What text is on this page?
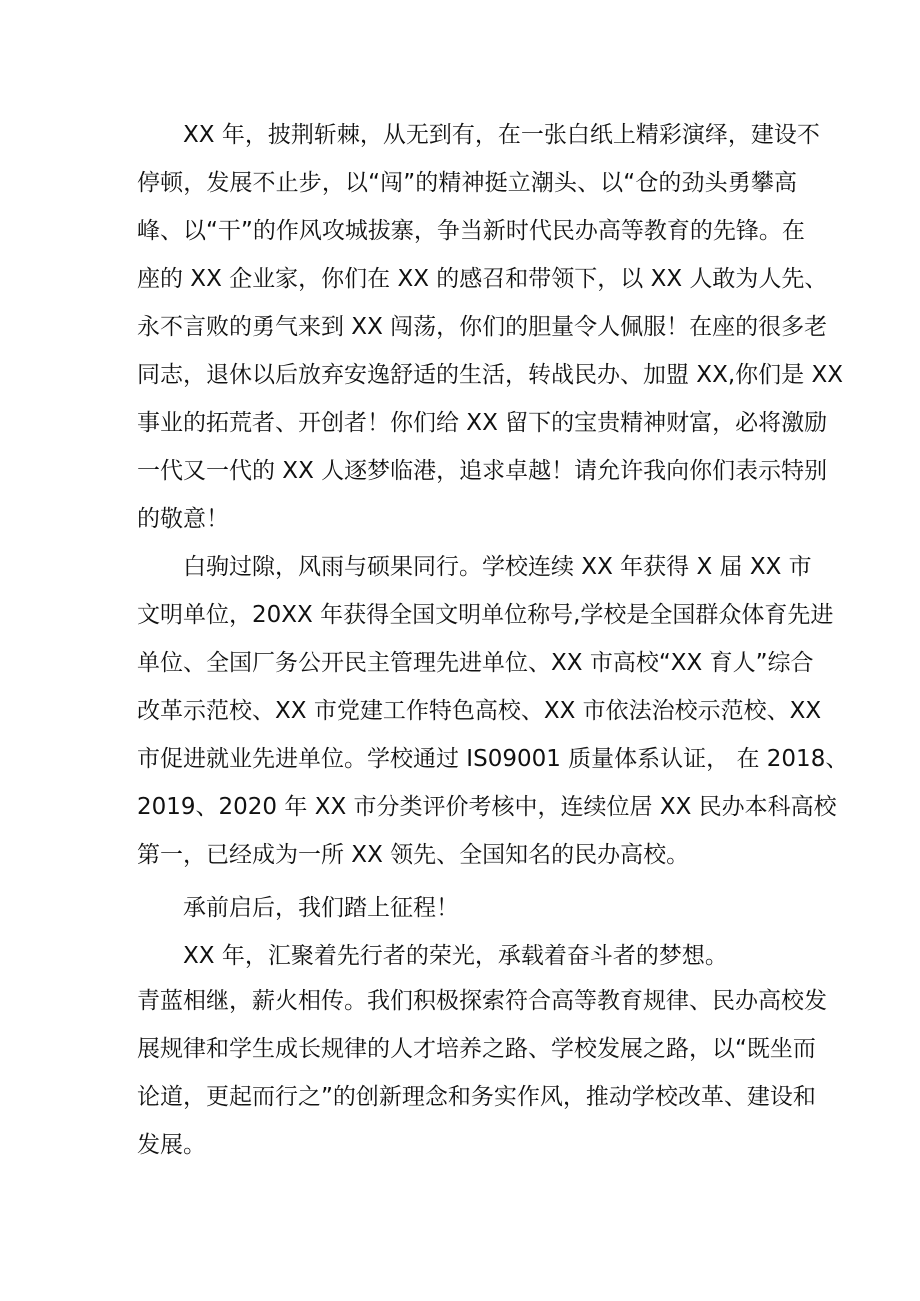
XX 年，披荆斩棘，从无到有，在一张白纸上精彩演绎，建设不
停顿，发展不止步，以“闯”的精神挺立潮头、以“仓的劲头勇攀高
峰、以“干”的作风攻城拔寨，争当新时代民办高等教育的先锋。在
座的 XX 企业家，你们在 XX 的感召和带领下，以 XX 人敢为人先、
永不言败的勇气来到 XX 闯荡，你们的胆量令人佩服！在座的很多老
同志，退休以后放弃安逸舒适的生活，转战民办、加盟 XX,你们是 XX
事业的拓荒者、开创者！你们给 XX 留下的宝贵精神财富，必将激励
一代又一代的 XX 人逐梦临港，追求卓越！请允许我向你们表示特别
的敬意！
白驹过隙，风雨与硕果同行。学校连续 XX 年获得 X 届 XX 市
文明单位，20XX 年获得全国文明单位称号,学校是全国群众体育先进
单位、全国厂务公开民主管理先进单位、XX 市高校“XX 育人”综合
改革示范校、XX 市党建工作特色高校、XX 市依法治校示范校、XX
市促进就业先进单位。学校通过 IS09001 质量体系认证， 在 2018、
2019、2020 年 XX 市分类评价考核中，连续位居 XX 民办本科高校
第一，已经成为一所 XX 领先、全国知名的民办高校。
承前启后，我们踏上征程！
XX 年，汇聚着先行者的荣光，承载着奋斗者的梦想。
青蓝相继，薪火相传。我们积极探索符合高等教育规律、民办高校发
展规律和学生成长规律的人才培养之路、学校发展之路，以“既坐而
论道，更起而行之”的创新理念和务实作风，推动学校改革、建设和
发展。
